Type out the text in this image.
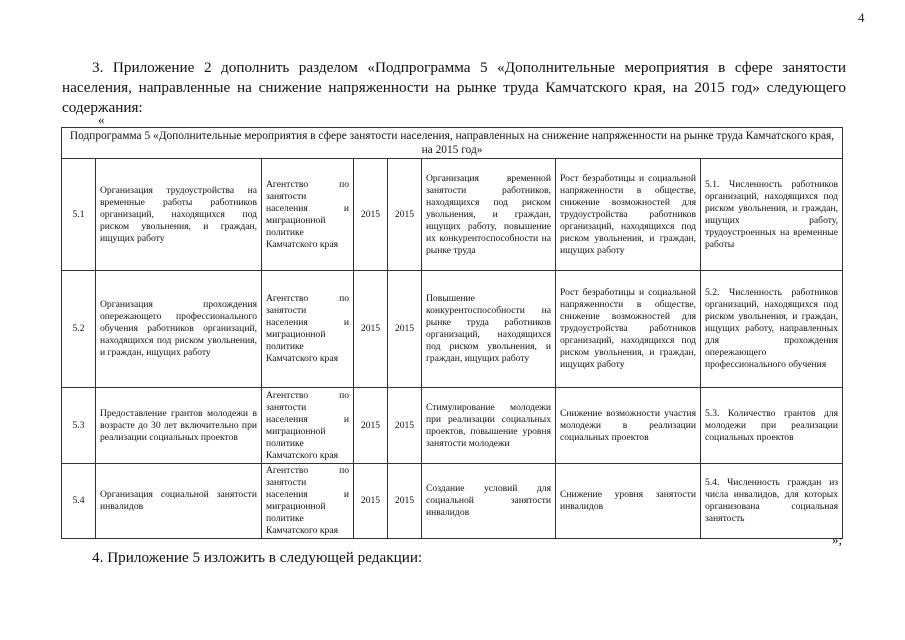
4

3. Приложение 2 дополнить разделом «Подпрограмма 5 «Дополнительные мероприятия в сфере занятости населения, направленные на снижение напряженности на рынке труда Камчатского края, на 2015 год» следующего содержания:

«
Подпрограмма 5 «Дополнительные мероприятия в сфере занятости населения, направленных на снижение напряженности на рынке труда Камчатского края, на 2015 год»							
5.1	Организация трудоустройства на временные работы работников организаций, находящихся под риском увольнения, и граждан, ищущих работу	Агентство по занятости населения и миграционной политике Камчатского края	2015	2015	Организация временной занятости работников, находящихся под риском увольнения, и граждан, ищущих работу, повышение их конкурентоспособности на рынке труда	Рост безработицы и социальной напряженности в обществе, снижение возможностей для трудоустройства работников организаций, находящихся под риском увольнения, и граждан, ищущих работу	5.1. Численность работников организаций, находящихся под риском увольнения, и граждан, ищущих работу, трудоустроенных на временные работы
5.2	Организация прохождения опережающего профессионального обучения работников организаций, находящихся под риском увольнения, и граждан, ищущих работу	Агентство по занятости населения и миграционной политике Камчатского края	2015	2015	Повышение конкурентоспособности на рынке труда работников организаций, находящихся под риском увольнения, и граждан, ищущих работу	Рост безработицы и социальной напряженности в обществе, снижение возможностей для трудоустройства работников организаций, находящихся под риском увольнения, и граждан, ищущих работу	5.2. Численность работников организаций, находящихся под риском увольнения, и граждан, ищущих работу, направленных для прохождения опережающего профессионального обучения
5.3	Предоставление грантов молодежи в возрасте до 30 лет включительно при реализации социальных проектов	Агентство по занятости населения и миграционной политике Камчатского края	2015	2015	Стимулирование молодежи при реализации социальных проектов, повышение уровня занятости молодежи	Снижение возможности участия молодежи в реализации социальных проектов	5.3. Количество грантов для молодежи при реализации социальных проектов
5.4	Организация социальной занятости инвалидов	Агентство по занятости населения и миграционной политике Камчатского края	2015	2015	Создание условий для социальной занятости инвалидов	Снижение уровня занятости инвалидов	5.4. Численность граждан из числа инвалидов, для которых организована социальная занятость
»;

4. Приложение 5 изложить в следующей редакции:
